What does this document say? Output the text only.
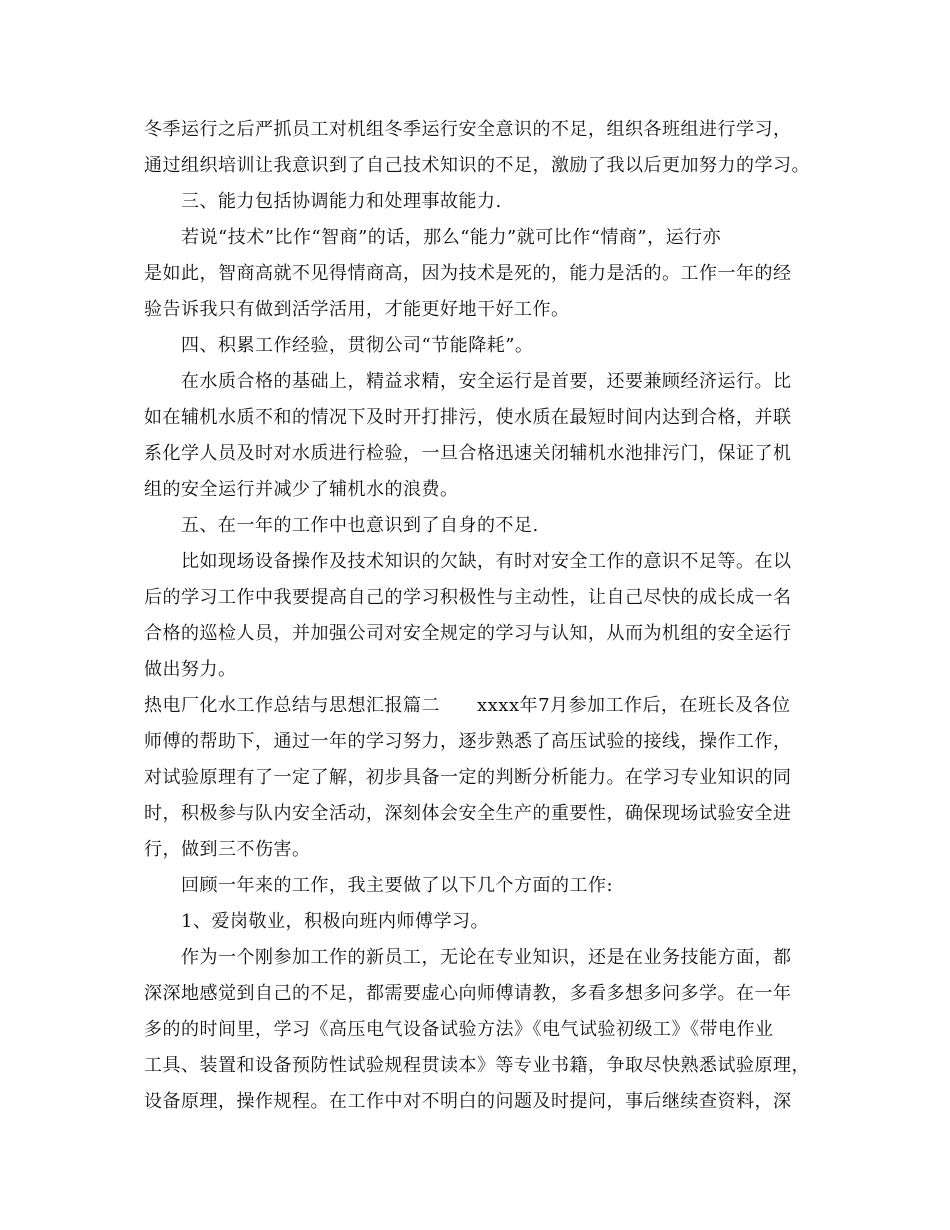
冬季运行之后严抓员工对机组冬季运行安全意识的不足，组织各班组进行学习，

通过组织培训让我意识到了自己技术知识的不足，激励了我以后更加努力的学习。

三、能力包括协调能力和处理事故能力.

若说“技术”比作“智商”的话，那么“能力”就可比作“情商”，运行亦

是如此，智商高就不见得情商高，因为技术是死的，能力是活的。工作一年的经

验告诉我只有做到活学活用，才能更好地干好工作。

四、积累工作经验，贯彻公司“节能降耗”。

在水质合格的基础上，精益求精，安全运行是首要，还要兼顾经济运行。比

如在辅机水质不和的情况下及时开打排污，使水质在最短时间内达到合格，并联

系化学人员及时对水质进行检验，一旦合格迅速关闭辅机水池排污门，保证了机

组的安全运行并减少了辅机水的浪费。

五、在一年的工作中也意识到了自身的不足.

比如现场设备操作及技术知识的欠缺，有时对安全工作的意识不足等。在以

后的学习工作中我要提高自己的学习积极性与主动性，让自己尽快的成长成一名

合格的巡检人员，并加强公司对安全规定的学习与认知，从而为机组的安全运行

做出努力。

热电厂化水工作总结与思想汇报篇二　　xxxx年7月参加工作后，在班长及各位

师傅的帮助下，通过一年的学习努力，逐步熟悉了高压试验的接线，操作工作，

对试验原理有了一定了解，初步具备一定的判断分析能力。在学习专业知识的同

时，积极参与队内安全活动，深刻体会安全生产的重要性，确保现场试验安全进

行，做到三不伤害。

回顾一年来的工作，我主要做了以下几个方面的工作:

1、爱岗敬业，积极向班内师傅学习。

作为一个刚参加工作的新员工，无论在专业知识，还是在业务技能方面，都

深深地感觉到自己的不足，都需要虚心向师傅请教，多看多想多问多学。在一年

多的的时间里，学习《高压电气设备试验方法》《电气试验初级工》《带电作业

工具、装置和设备预防性试验规程贯读本》等专业书籍，争取尽快熟悉试验原理，

设备原理，操作规程。在工作中对不明白的问题及时提问，事后继续查资料，深
